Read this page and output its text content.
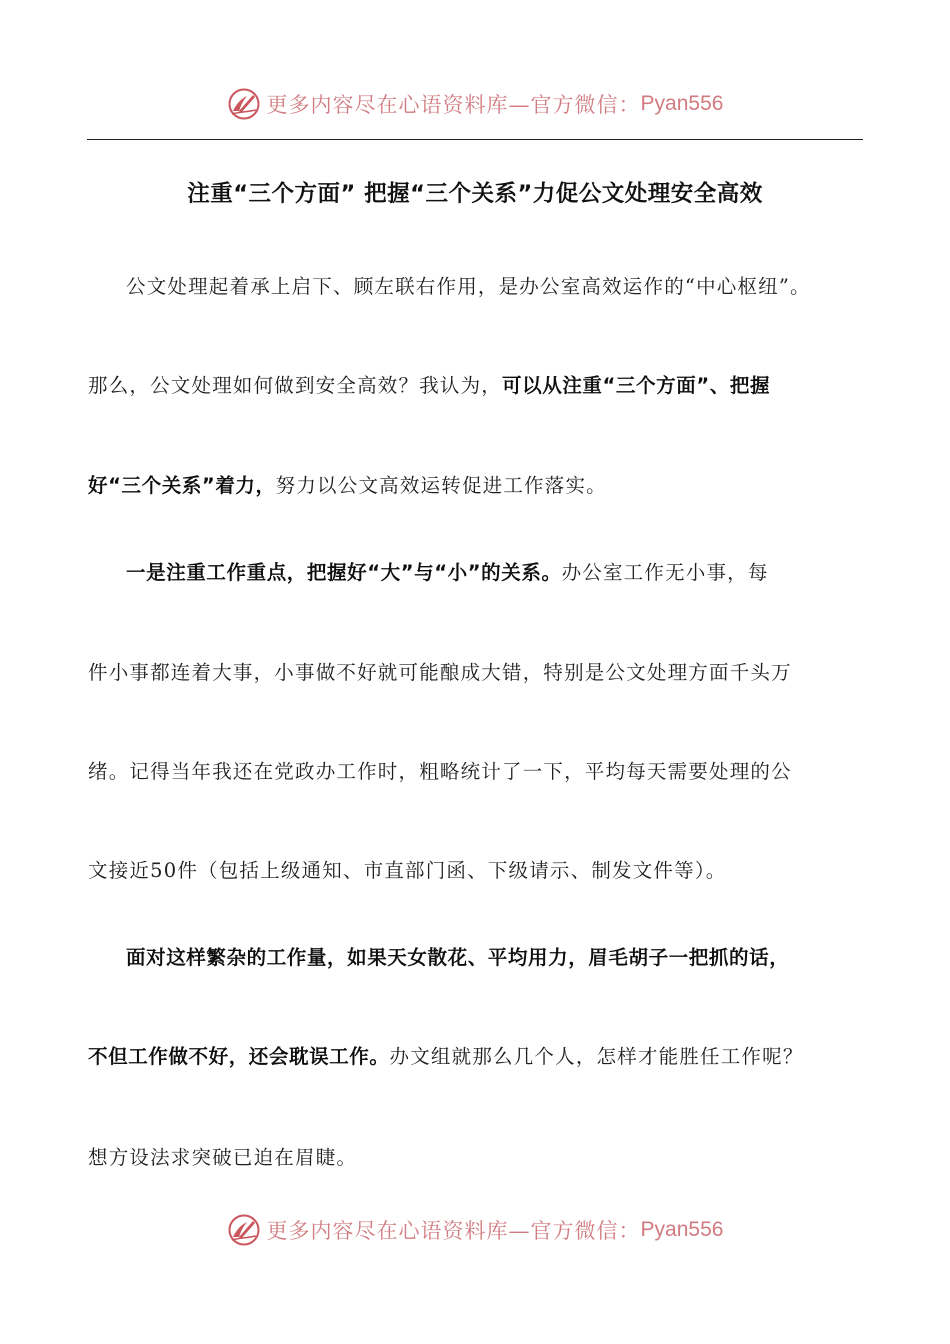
更多内容尽在心语资料库—官方微信： Pyan556
注重“三个方面” 把握“三个关系”力促公文处理安全高效
公文处理起着承上启下、顾左联右作用，是办公室高效运作的“中心枢纽”。
那么，公文处理如何做到安全高效？我认为，可以从注重“三个方面”、把握
好“三个关系”着力，努力以公文高效运转促进工作落实。
一是注重工作重点，把握好“大”与“小”的关系。办公室工作无小事，每
件小事都连着大事，小事做不好就可能酿成大错，特别是公文处理方面千头万
绪。记得当年我还在党政办工作时，粗略统计了一下，平均每天需要处理的公
文接近50件（包括上级通知、市直部门函、下级请示、制发文件等）。
面对这样繁杂的工作量，如果天女散花、平均用力，眉毛胡子一把抓的话，
不但工作做不好，还会耽误工作。办文组就那么几个人，怎样才能胜任工作呢？
想方设法求突破已迫在眉睫。
更多内容尽在心语资料库—官方微信： Pyan556
